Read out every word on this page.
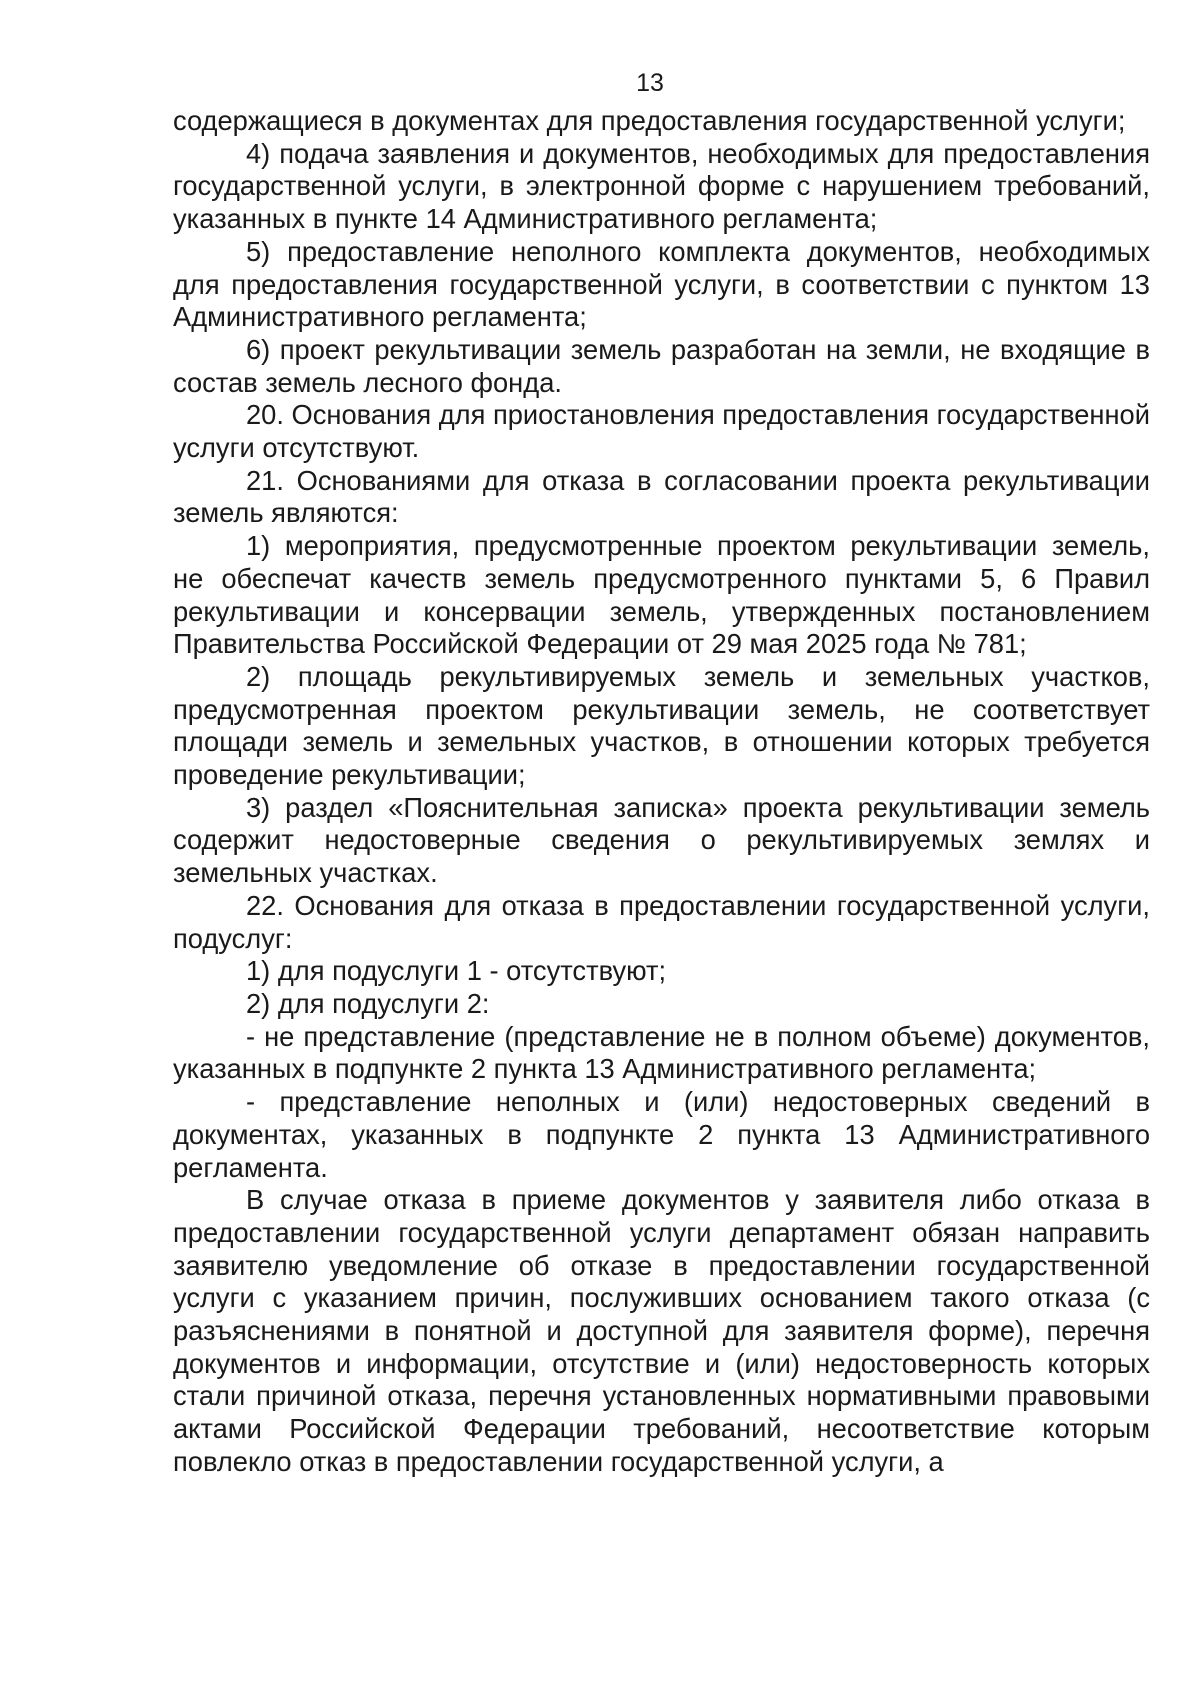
13

содержащиеся в документах для предоставления государственной услуги;

4) подача заявления и документов, необходимых для предоставления государственной услуги, в электронной форме с нарушением требований, указанных в пункте 14 Административного регламента;

5) предоставление неполного комплекта документов, необходимых для предоставления государственной услуги, в соответствии с пунктом 13 Административного регламента;

6) проект рекультивации земель разработан на земли, не входящие в состав земель лесного фонда.

20. Основания для приостановления предоставления государственной услуги отсутствуют.

21. Основаниями для отказа в согласовании проекта рекультивации земель являются:

1) мероприятия, предусмотренные проектом рекультивации земель, не обеспечат качеств земель предусмотренного пунктами 5, 6 Правил рекультивации и консервации земель, утвержденных постановлением Правительства Российской Федерации от 29 мая 2025 года № 781;

2) площадь рекультивируемых земель и земельных участков, предусмотренная проектом рекультивации земель, не соответствует площади земель и земельных участков, в отношении которых требуется проведение рекультивации;

3) раздел «Пояснительная записка» проекта рекультивации земель содержит недостоверные сведения о рекультивируемых землях и земельных участках.

22. Основания для отказа в предоставлении государственной услуги, подуслуг:

1) для подуслуги 1 - отсутствуют;

2) для подуслуги 2:

- не представление (представление не в полном объеме) документов, указанных в подпункте 2 пункта 13 Административного регламента;

- представление неполных и (или) недостоверных сведений в документах, указанных в подпункте 2 пункта 13 Административного регламента.

В случае отказа в приеме документов у заявителя либо отказа в предоставлении государственной услуги департамент обязан направить заявителю уведомление об отказе в предоставлении государственной услуги с указанием причин, послуживших основанием такого отказа (с разъяснениями в понятной и доступной для заявителя форме), перечня документов и информации, отсутствие и (или) недостоверность которых стали причиной отказа, перечня установленных нормативными правовыми актами Российской Федерации требований, несоответствие которым повлекло отказ в предоставлении государственной услуги, а
